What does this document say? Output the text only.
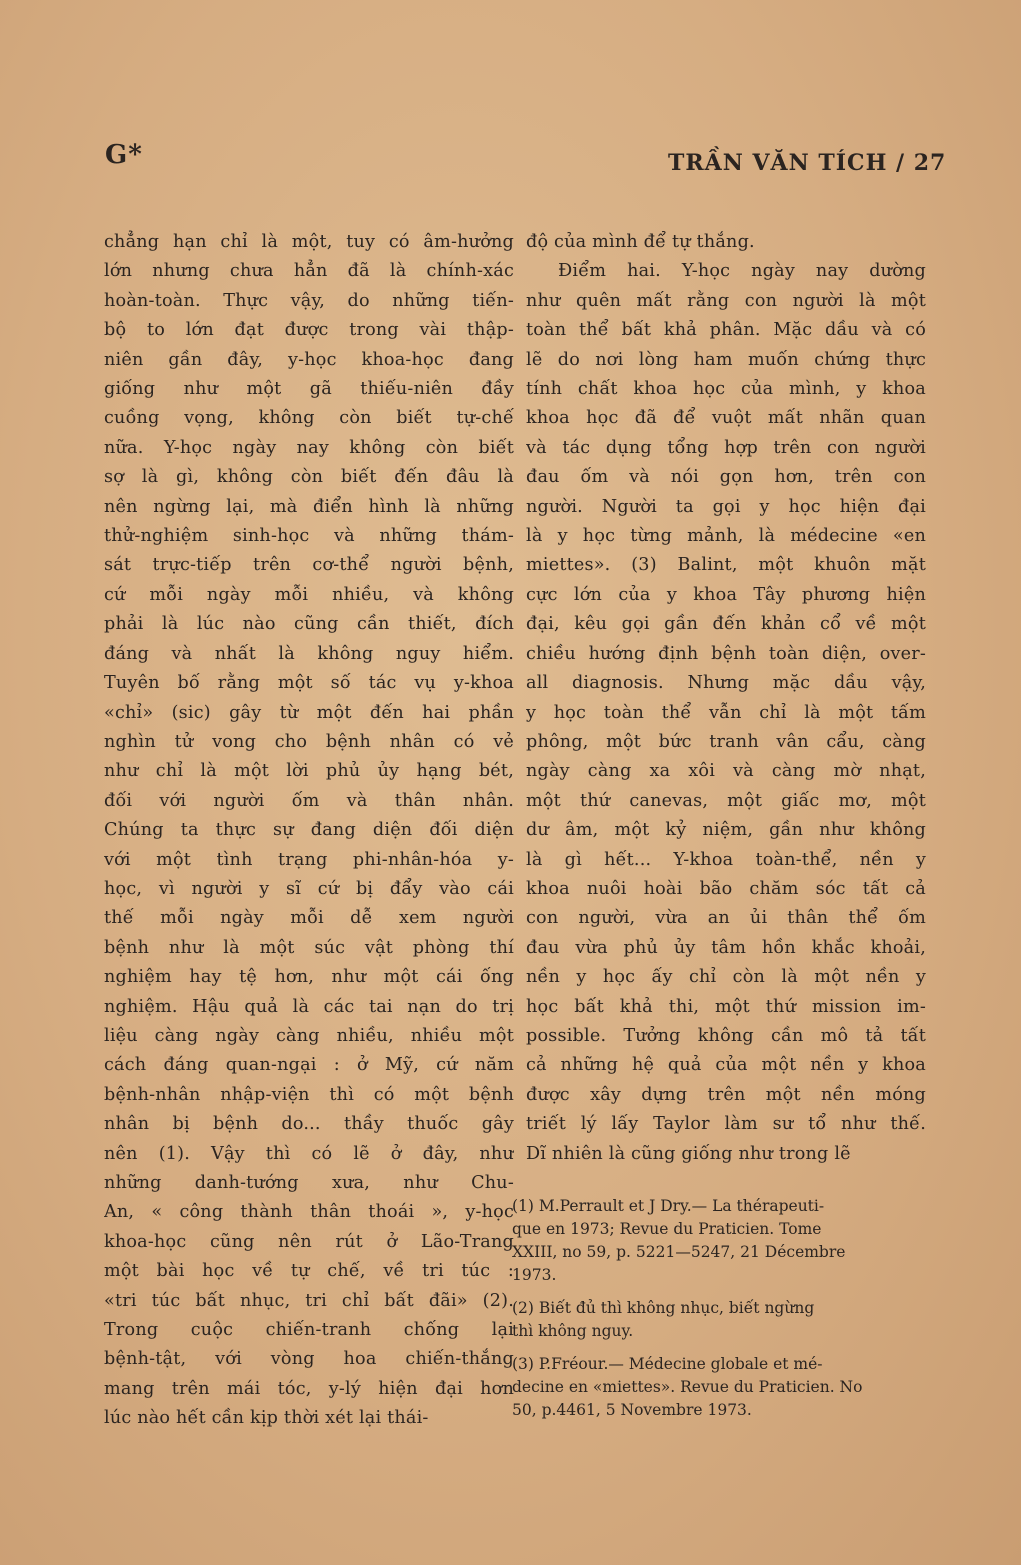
G*	TRẦN VĂN TÍCH / 27
chẳng hạn chỉ là một, tuy có âm-hưởng
lớn nhưng chưa hẳn đã là chính-xác
hoàn-toàn. Thực vậy, do những tiến-
bộ to lớn đạt được trong vài thập-
niên gần đây, y-học khoa-học đang
giống như một gã thiếu-niên đầy
cuồng vọng, không còn biết tự-chế
nữa. Y-học ngày nay không còn biết
sợ là gì, không còn biết đến đâu là
nên ngừng lại, mà điển hình là những
thử-nghiệm sinh-học và những thám-
sát trực-tiếp trên cơ-thể người bệnh,
cứ mỗi ngày mỗi nhiều, và không
phải là lúc nào cũng cần thiết, đích
đáng và nhất là không nguy hiểm.
Tuyên bố rằng một số tác vụ y-khoa
«chỉ» (sic) gây từ một đến hai phần
nghìn tử vong cho bệnh nhân có vẻ
như chỉ là một lời phủ ủy hạng bét,
đối với người ốm và thân nhân.
Chúng ta thực sự đang diện đối diện
với một tình trạng phi-nhân-hóa y-
học, vì người y sĩ cứ bị đẩy vào cái
thế mỗi ngày mỗi dễ xem người
bệnh như là một súc vật phòng thí
nghiệm hay tệ hơn, như một cái ống
nghiệm. Hậu quả là các tai nạn do trị
liệu càng ngày càng nhiều, nhiều một
cách đáng quan-ngại : ở Mỹ, cứ năm
bệnh-nhân nhập-viện thì có một bệnh
nhân bị bệnh do... thầy thuốc gây
nên (1). Vậy thì có lẽ ở đây, như
những danh-tướng xưa, như Chu-
An, « công thành thân thoái », y-học
khoa-học cũng nên rút ở Lão-Trang
một bài học về tự chế, về tri túc :
«tri túc bất nhục, tri chỉ bất đãi» (2).
Trong cuộc chiến-tranh chống lại
bệnh-tật, với vòng hoa chiến-thắng
mang trên mái tóc, y-lý hiện đại hơn
lúc nào hết cần kịp thời xét lại thái-
độ của mình để tự thắng.
Điểm hai. Y-học ngày nay dường
như quên mất rằng con người là một
toàn thể bất khả phân. Mặc dầu và có
lẽ do nơi lòng ham muốn chứng thực
tính chất khoa học của mình, y khoa
khoa học đã để vuột mất nhãn quan
và tác dụng tổng hợp trên con người
đau ốm và nói gọn hơn, trên con
người. Người ta gọi y học hiện đại
là y học từng mảnh, là médecine «en
miettes». (3) Balint, một khuôn mặt
cực lớn của y khoa Tây phương hiện
đại, kêu gọi gần đến khản cổ về một
chiều hướng định bệnh toàn diện, over-
all diagnosis. Nhưng mặc dầu vậy,
y học toàn thể vẫn chỉ là một tấm
phông, một bức tranh vân cẩu, càng
ngày càng xa xôi và càng mờ nhạt,
một thứ canevas, một giấc mơ, một
dư âm, một kỷ niệm, gần như không
là gì hết... Y-khoa toàn-thể, nền y
khoa nuôi hoài bão chăm sóc tất cả
con người, vừa an ủi thân thể ốm
đau vừa phủ ủy tâm hồn khắc khoải,
nền y học ấy chỉ còn là một nền y
học bất khả thi, một thứ mission im-
possible. Tưởng không cần mô tả tất
cả những hệ quả của một nền y khoa
được xây dựng trên một nền móng
triết lý lấy Taylor làm sư tổ như thế.
Dĩ nhiên là cũng giống như trong lẽ
(1) M.Perrault et J Dry.— La thérapeuti-
que en 1973; Revue du Praticien. Tome
XXIII, no 59, p. 5221—5247, 21 Décembre
1973.
(2) Biết đủ thì không nhục, biết ngừng
thì không nguy.
(3) P.Fréour.— Médecine globale et mé-
decine en «miettes». Revue du Praticien. No
50, p.4461, 5 Novembre 1973.
